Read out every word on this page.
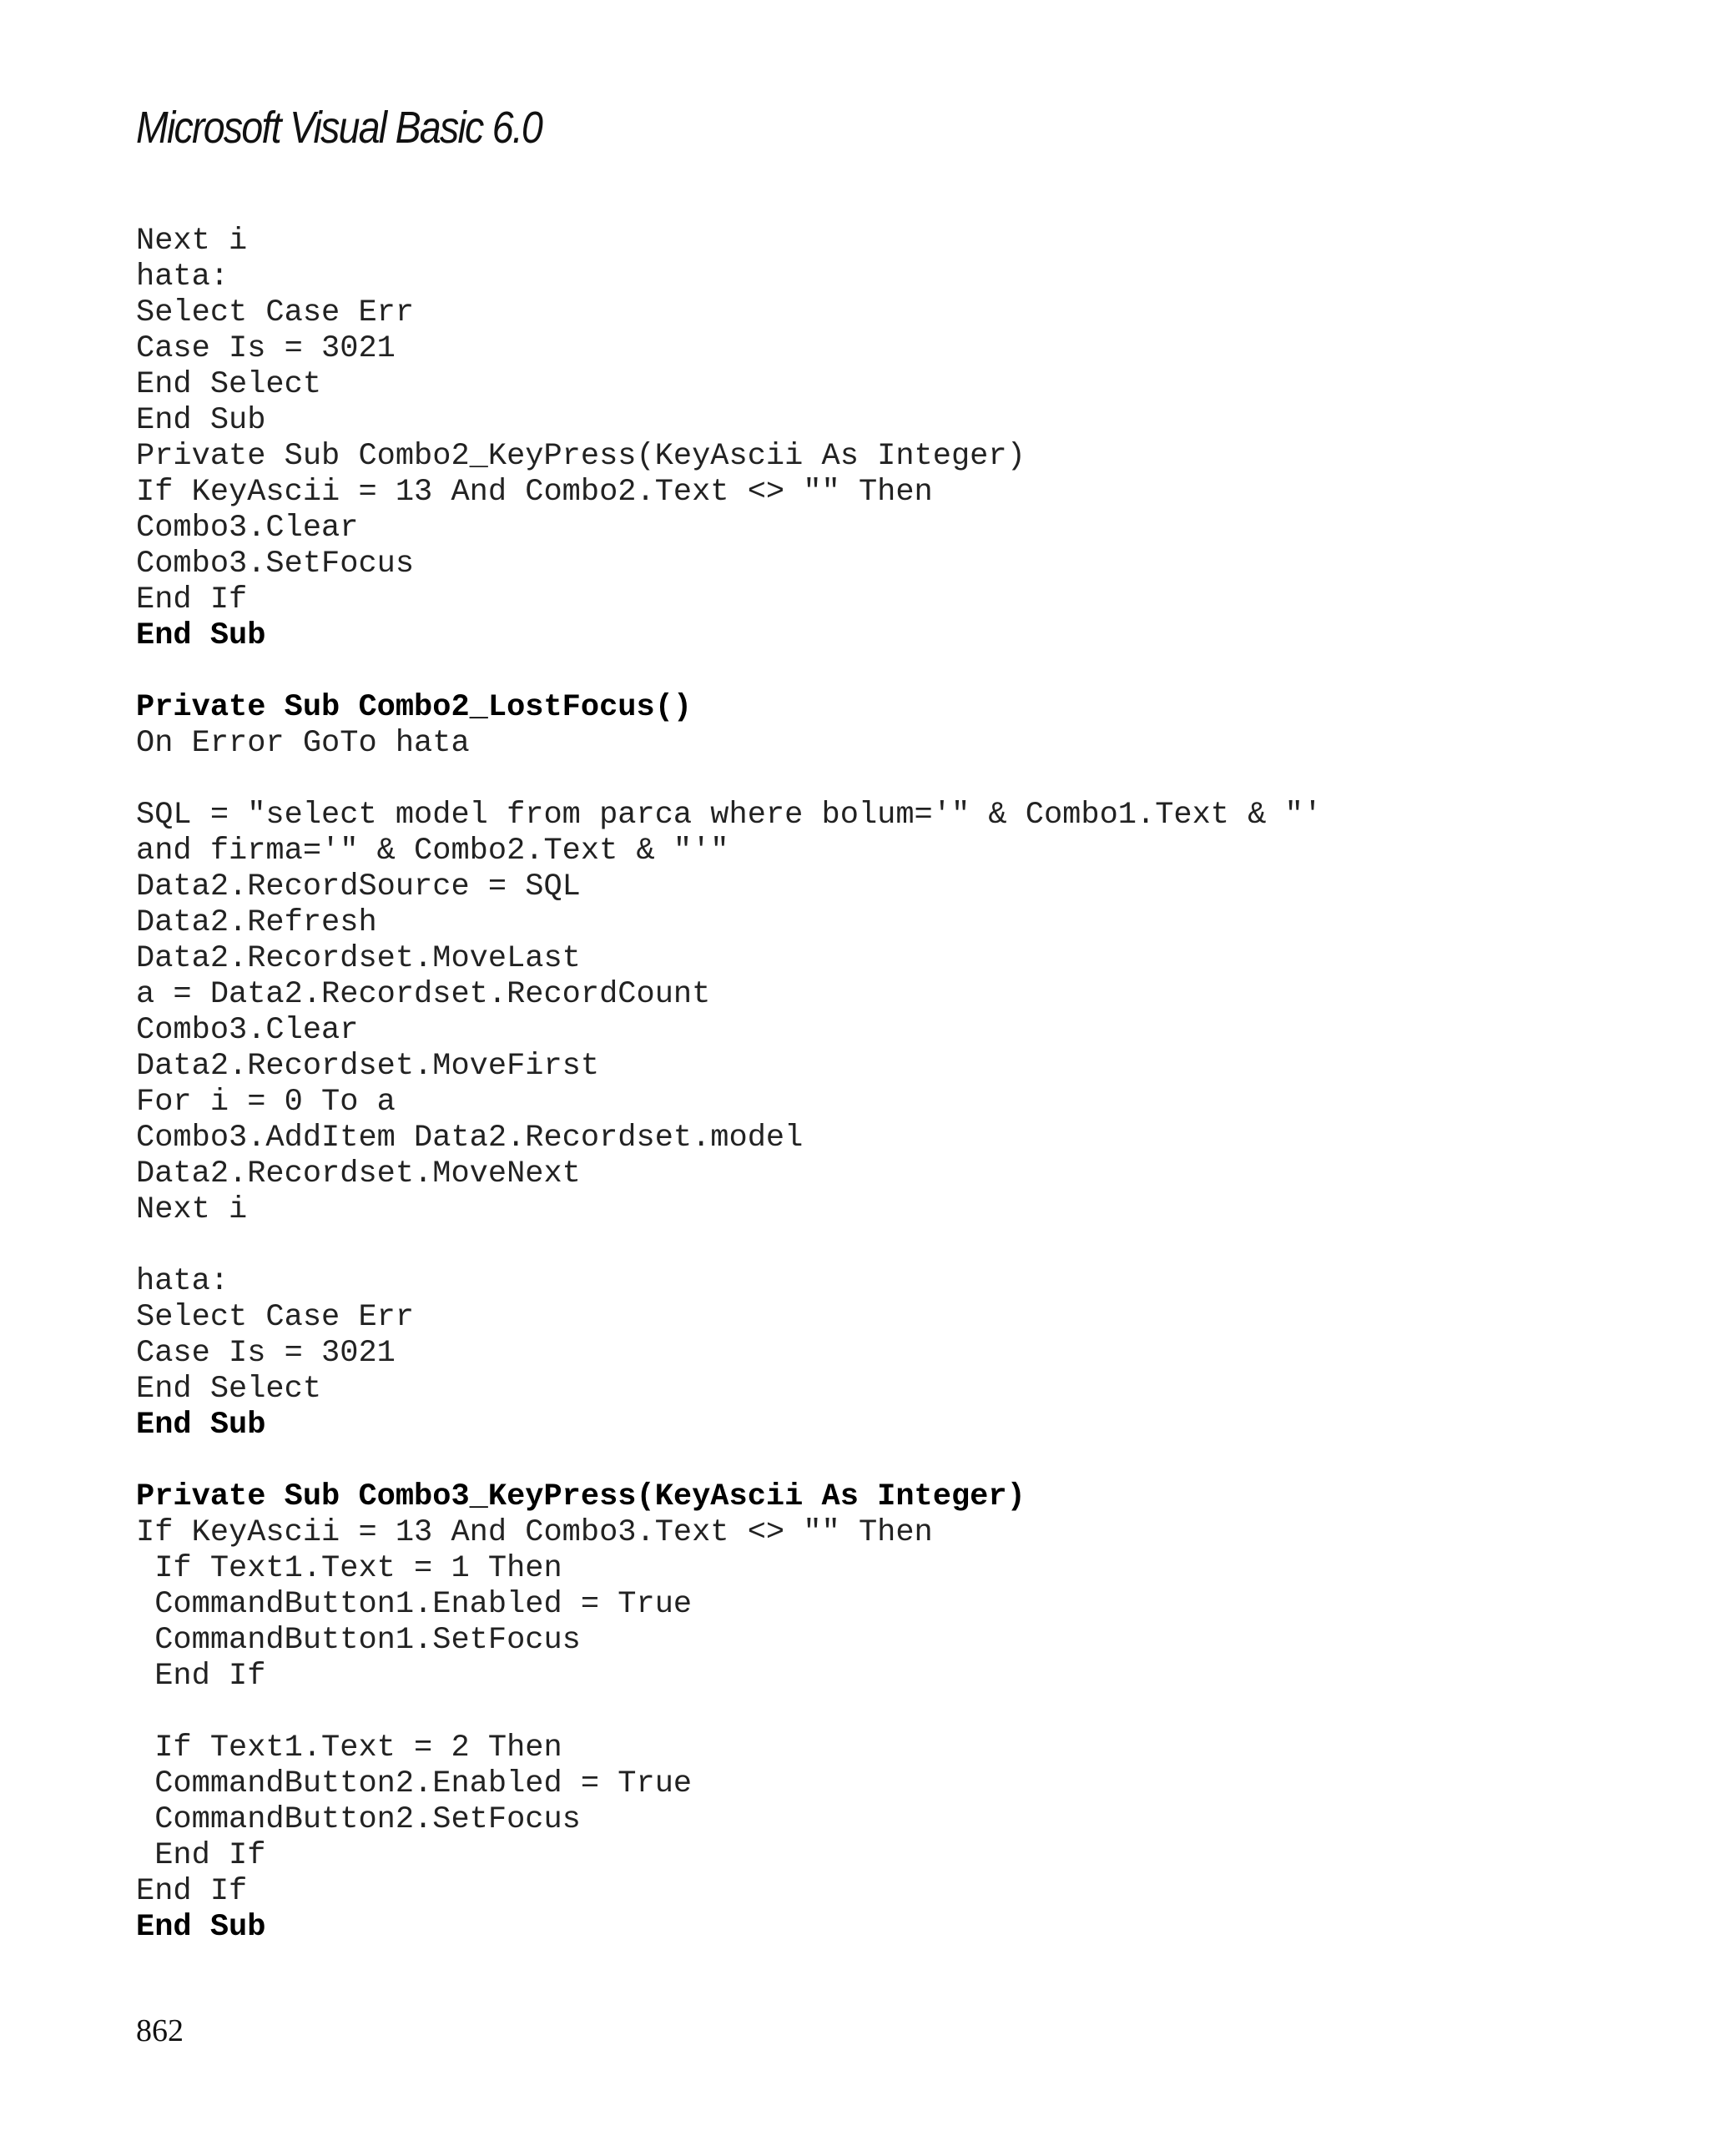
Microsoft Visual Basic 6.0
Next i
hata:
Select Case Err
Case Is = 3021
End Select
End Sub
Private Sub Combo2_KeyPress(KeyAscii As Integer)
If KeyAscii = 13 And Combo2.Text <> "" Then
Combo3.Clear
Combo3.SetFocus
End If
End Sub
Private Sub Combo2_LostFocus()
On Error GoTo hata
SQL = "select model from parca where bolum='" & Combo1.Text & "'
and firma='" & Combo2.Text & "'"
Data2.RecordSource = SQL
Data2.Refresh
Data2.Recordset.MoveLast
a = Data2.Recordset.RecordCount
Combo3.Clear
Data2.Recordset.MoveFirst
For i = 0 To a
Combo3.AddItem Data2.Recordset.model
Data2.Recordset.MoveNext
Next i
hata:
Select Case Err
Case Is = 3021
End Select
End Sub
Private Sub Combo3_KeyPress(KeyAscii As Integer)
If KeyAscii = 13 And Combo3.Text <> "" Then
If Text1.Text = 1 Then
CommandButton1.Enabled = True
CommandButton1.SetFocus
End If
If Text1.Text = 2 Then
CommandButton2.Enabled = True
CommandButton2.SetFocus
End If
End If
End Sub
862
